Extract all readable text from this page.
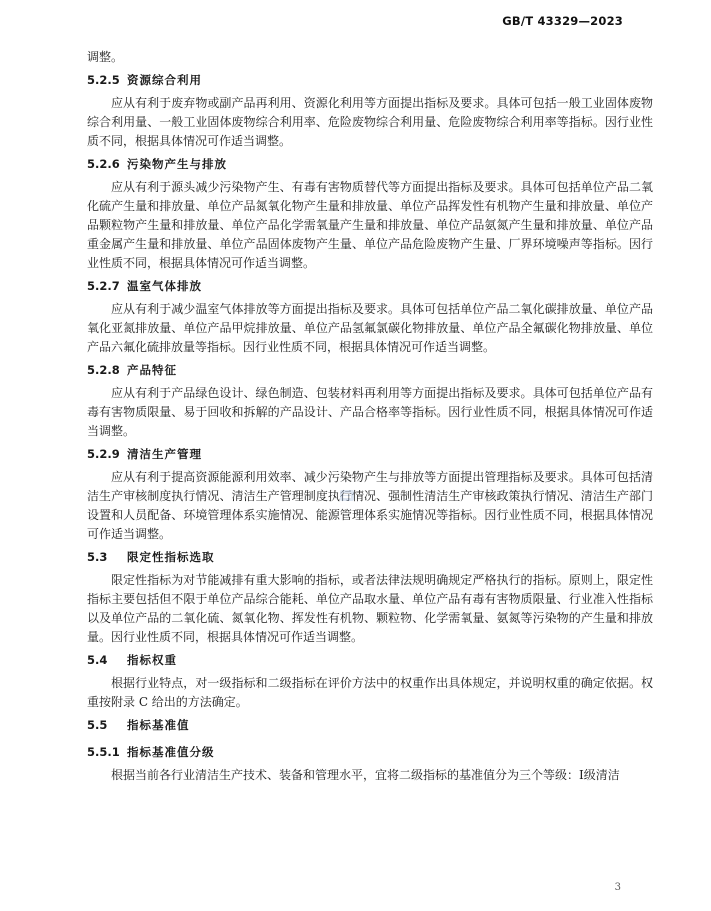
GB/T 43329—2023

调整。

5.2.5 资源综合利用

应从有利于废弃物或副产品再利用、资源化利用等方面提出指标及要求。具体可包括一般工业固体废物综合利用量、一般工业固体废物综合利用率、危险废物综合利用量、危险废物综合利用率等指标。因行业性质不同，根据具体情况可作适当调整。

5.2.6 污染物产生与排放

应从有利于源头减少污染物产生、有毒有害物质替代等方面提出指标及要求。具体可包括单位产品二氧化硫产生量和排放量、单位产品氮氧化物产生量和排放量、单位产品挥发性有机物产生量和排放量、单位产品颗粒物产生量和排放量、单位产品化学需氧量产生量和排放量、单位产品氨氮产生量和排放量、单位产品重金属产生量和排放量、单位产品固体废物产生量、单位产品危险废物产生量、厂界环境噪声等指标。因行业性质不同，根据具体情况可作适当调整。

5.2.7 温室气体排放

应从有利于减少温室气体排放等方面提出指标及要求。具体可包括单位产品二氧化碳排放量、单位产品氧化亚氮排放量、单位产品甲烷排放量、单位产品氢氟氯碳化物排放量、单位产品全氟碳化物排放量、单位产品六氟化硫排放量等指标。因行业性质不同，根据具体情况可作适当调整。

5.2.8 产品特征

应从有利于产品绿色设计、绿色制造、包装材料再利用等方面提出指标及要求。具体可包括单位产品有毒有害物质限量、易于回收和拆解的产品设计、产品合格率等指标。因行业性质不同，根据具体情况可作适当调整。

5.2.9 清洁生产管理

应从有利于提高资源能源利用效率、减少污染物产生与排放等方面提出管理指标及要求。具体可包括清洁生产审核制度执行情况、清洁生产管理制度执行情况、强制性清洁生产审核政策执行情况、清洁生产部门设置和人员配备、环境管理体系实施情况、能源管理体系实施情况等指标。因行业性质不同，根据具体情况可作适当调整。

5.3	限定性指标选取

限定性指标为对节能减排有重大影响的指标，或者法律法规明确规定严格执行的指标。原则上，限定性指标主要包括但不限于单位产品综合能耗、单位产品取水量、单位产品有毒有害物质限量、行业准入性指标以及单位产品的二氧化硫、氮氧化物、挥发性有机物、颗粒物、化学需氧量、氨氮等污染物的产生量和排放量。因行业性质不同，根据具体情况可作适当调整。

5.4	指标权重

根据行业特点，对一级指标和二级指标在评价方法中的权重作出具体规定，并说明权重的确定依据。权重按附录 C 给出的方法确定。

5.5	指标基准值
5.5.1 指标基准值分级

根据当前各行业清洁生产技术、装备和管理水平，宜将二级指标的基准值分为三个等级：Ⅰ级清洁

3
